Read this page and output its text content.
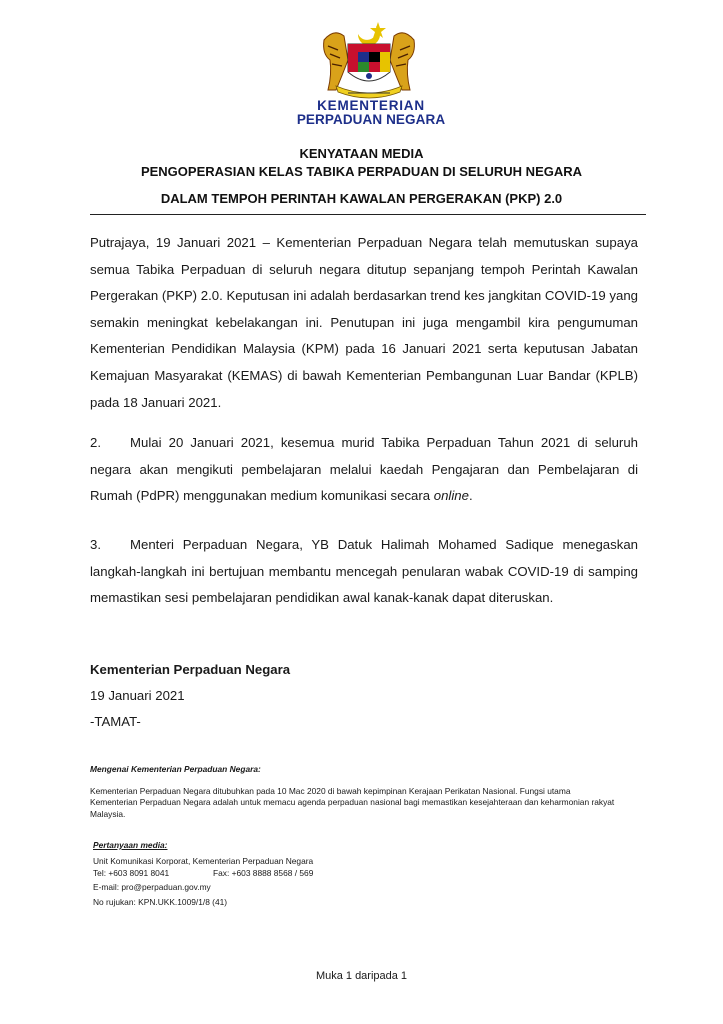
KEMENTERIAN
PERPADUAN NEGARA
KENYATAAN MEDIA
PENGOPERASIAN KELAS TABIKA PERPADUAN DI SELURUH NEGARA
DALAM TEMPOH PERINTAH KAWALAN PERGERAKAN (PKP) 2.0

Putrajaya, 19 Januari 2021 – Kementerian Perpaduan Negara telah memutuskan supaya semua Tabika Perpaduan di seluruh negara ditutup sepanjang tempoh Perintah Kawalan Pergerakan (PKP) 2.0. Keputusan ini adalah berdasarkan trend kes jangkitan COVID-19 yang semakin meningkat kebelakangan ini. Penutupan ini juga mengambil kira pengumuman Kementerian Pendidikan Malaysia (KPM) pada 16 Januari 2021 serta keputusan Jabatan Kemajuan Masyarakat (KEMAS) di bawah Kementerian Pembangunan Luar Bandar (KPLB) pada 18 Januari 2021.

2. Mulai 20 Januari 2021, kesemua murid Tabika Perpaduan Tahun 2021 di seluruh negara akan mengikuti pembelajaran melalui kaedah Pengajaran dan Pembelajaran di Rumah (PdPR) menggunakan medium komunikasi secara online.

3. Menteri Perpaduan Negara, YB Datuk Halimah Mohamed Sadique menegaskan langkah-langkah ini bertujuan membantu mencegah penularan wabak COVID-19 di samping memastikan sesi pembelajaran pendidikan awal kanak-kanak dapat diteruskan.

Kementerian Perpaduan Negara
19 Januari 2021
-TAMAT-
Mengenai Kementerian Perpaduan Negara:
Kementerian Perpaduan Negara ditubuhkan pada 10 Mac 2020 di bawah kepimpinan Kerajaan Perikatan Nasional. Fungsi utama Kementerian Perpaduan Negara adalah untuk memacu agenda perpaduan nasional bagi memastikan kesejahteraan dan keharmonian rakyat Malaysia.
Pertanyaan media:
Unit Komunikasi Korporat, Kementerian Perpaduan Negara
Tel: +603 8091 8041	Fax: +603 8888 8568 / 569
E-mail: pro@perpaduan.gov.my
No rujukan: KPN.UKK.1009/1/8 (41)
Muka 1 daripada 1
